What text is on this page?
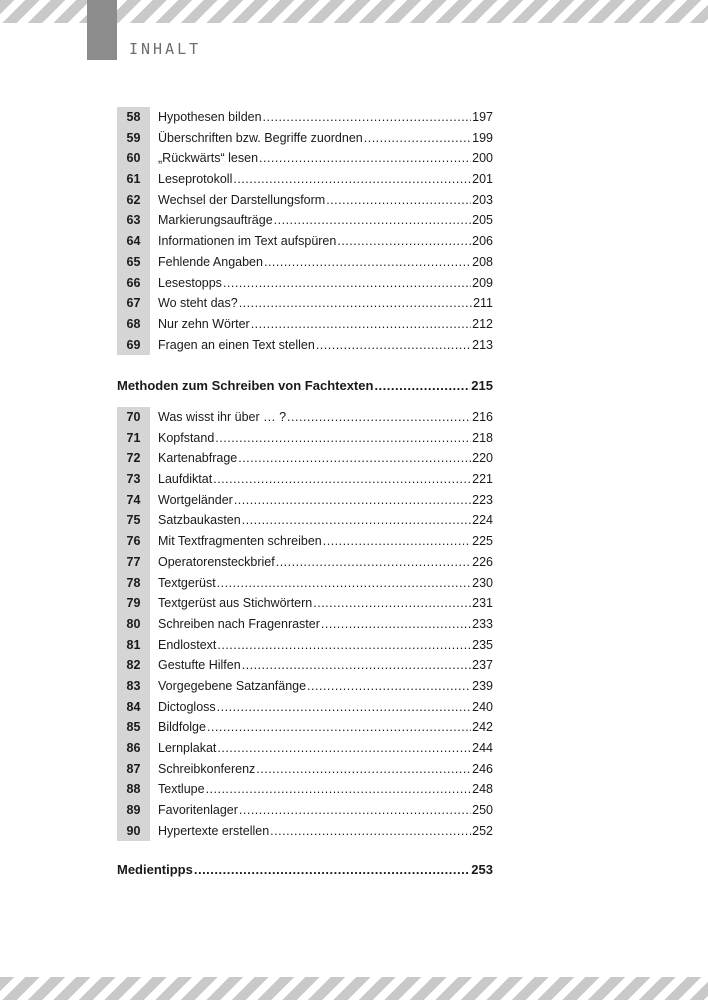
INHALT
58	Hypothesen bilden .....	197
59	Überschriften bzw. Begriffe zuordnen .....	199
60	„Rückwärts“ lesen .....	200
61	Leseprotokoll .....	201
62	Wechsel der Darstellungsform .....	203
63	Markierungsaufträge .....	205
64	Informationen im Text aufspüren .....	206
65	Fehlende Angaben .....	208
66	Lesestopps .....	209
67	Wo steht das? .....	211
68	Nur zehn Wörter .....	212
69	Fragen an einen Text stellen .....	213
Methoden zum Schreiben von Fachtexten .....	215
70	Was wisst ihr über … ? .....	216
71	Kopfstand .....	218
72	Kartenabfrage .....	220
73	Laufdiktat .....	221
74	Wortgeländer .....	223
75	Satzbaukasten .....	224
76	Mit Textfragmenten schreiben .....	225
77	Operatorensteckbrief .....	226
78	Textgerüst .....	230
79	Textgerüst aus Stichwörtern .....	231
80	Schreiben nach Fragenraster .....	233
81	Endlostext .....	235
82	Gestufte Hilfen .....	237
83	Vorgegebene Satzanfänge .....	239
84	Dictogloss .....	240
85	Bildfolge .....	242
86	Lernplakat .....	244
87	Schreibkonferenz .....	246
88	Textlupe .....	248
89	Favoritenlager .....	250
90	Hypertexte erstellen .....	252
Medientipps .....	253
